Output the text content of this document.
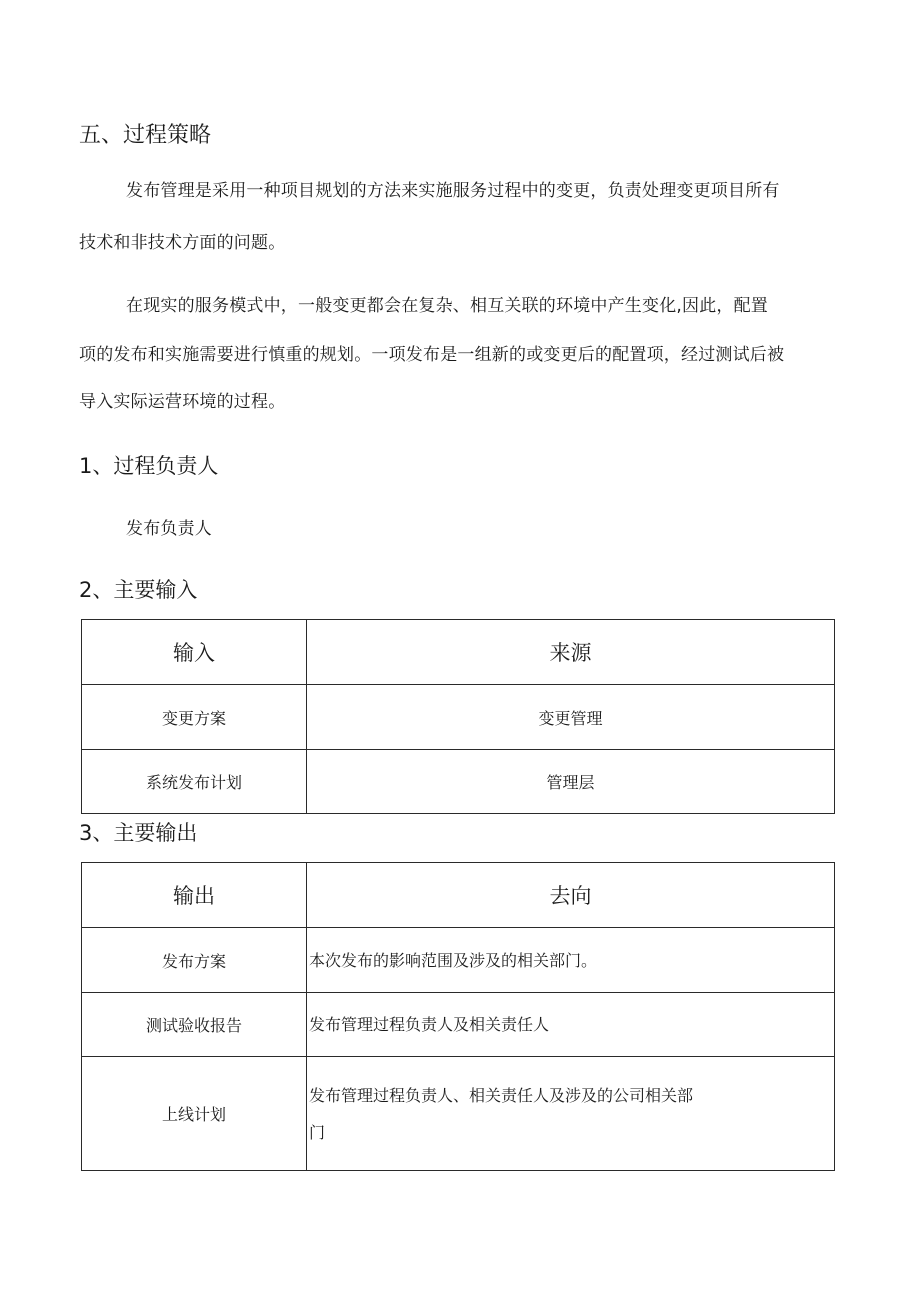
五、过程策略
发布管理是采用一种项目规划的方法来实施服务过程中的变更，负责处理变更项目所有
技术和非技术方面的问题。
在现实的服务模式中，一般变更都会在复杂、相互关联的环境中产生变化,因此，配置
项的发布和实施需要进行慎重的规划。一项发布是一组新的或变更后的配置项，经过测试后被
导入实际运营环境的过程。
1、过程负责人
发布负责人
2、主要输入
输入	来源
变更方案	变更管理
系统发布计划	管理层
3、主要输出
输出	去向
发布方案	本次发布的影响范围及涉及的相关部门。
测试验收报告	发布管理过程负责人及相关责任人
上线计划	发布管理过程负责人、相关责任人及涉及的公司相关部
门
